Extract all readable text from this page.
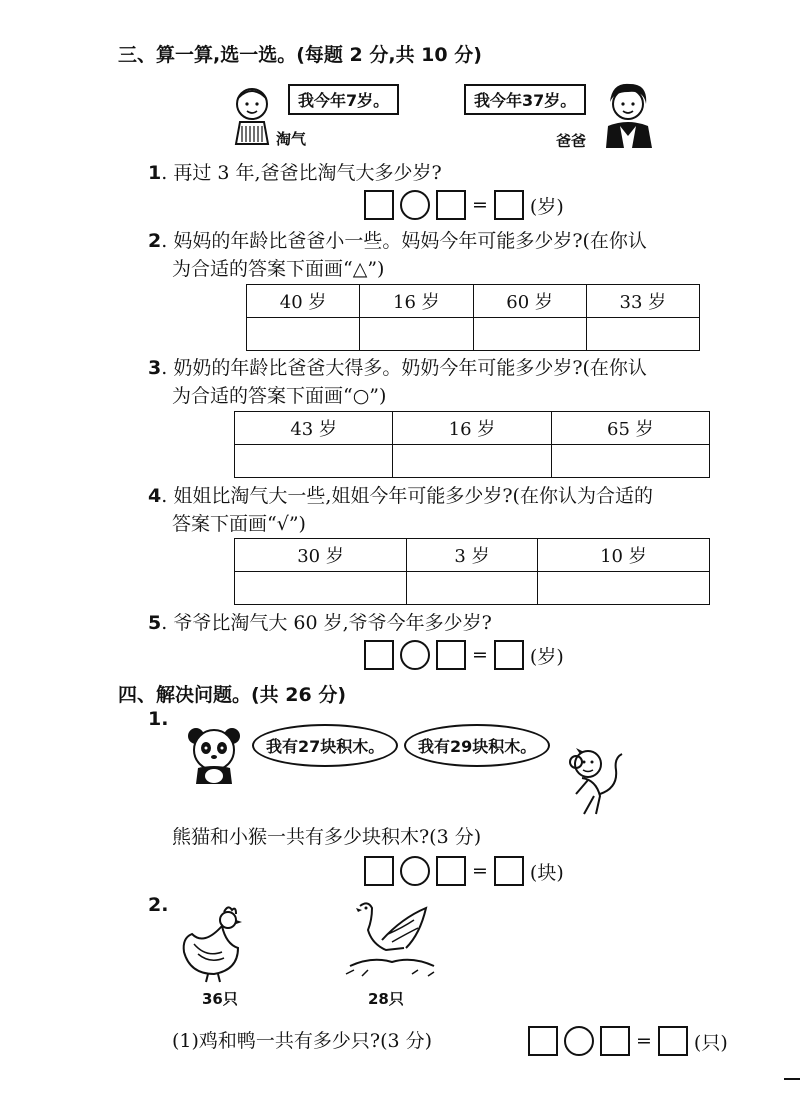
三、算一算,选一选。(每题 2 分,共 10 分)
我今年7岁。
淘气
我今年37岁。
爸爸
1. 再过 3 年,爸爸比淘气大多少岁?
= (岁)
2. 妈妈的年龄比爸爸小一些。妈妈今年可能多少岁?(在你认
为合适的答案下面画“△”)
40 岁	16 岁	60 岁	33 岁

3. 奶奶的年龄比爸爸大得多。奶奶今年可能多少岁?(在你认
为合适的答案下面画“○”)
43 岁	16 岁	65 岁

4. 姐姐比淘气大一些,姐姐今年可能多少岁?(在你认为合适的
答案下面画“√”)
30 岁	3 岁	10 岁

5. 爷爷比淘气大 60 岁,爷爷今年多少岁?
= (岁)
四、解决问题。(共 26 分)
1.
我有27块积木。	我有29块积木。
熊猫和小猴一共有多少块积木?(3 分)
= (块)
2.
36只	28只
(1)鸡和鸭一共有多少只?(3 分)	= (只)
